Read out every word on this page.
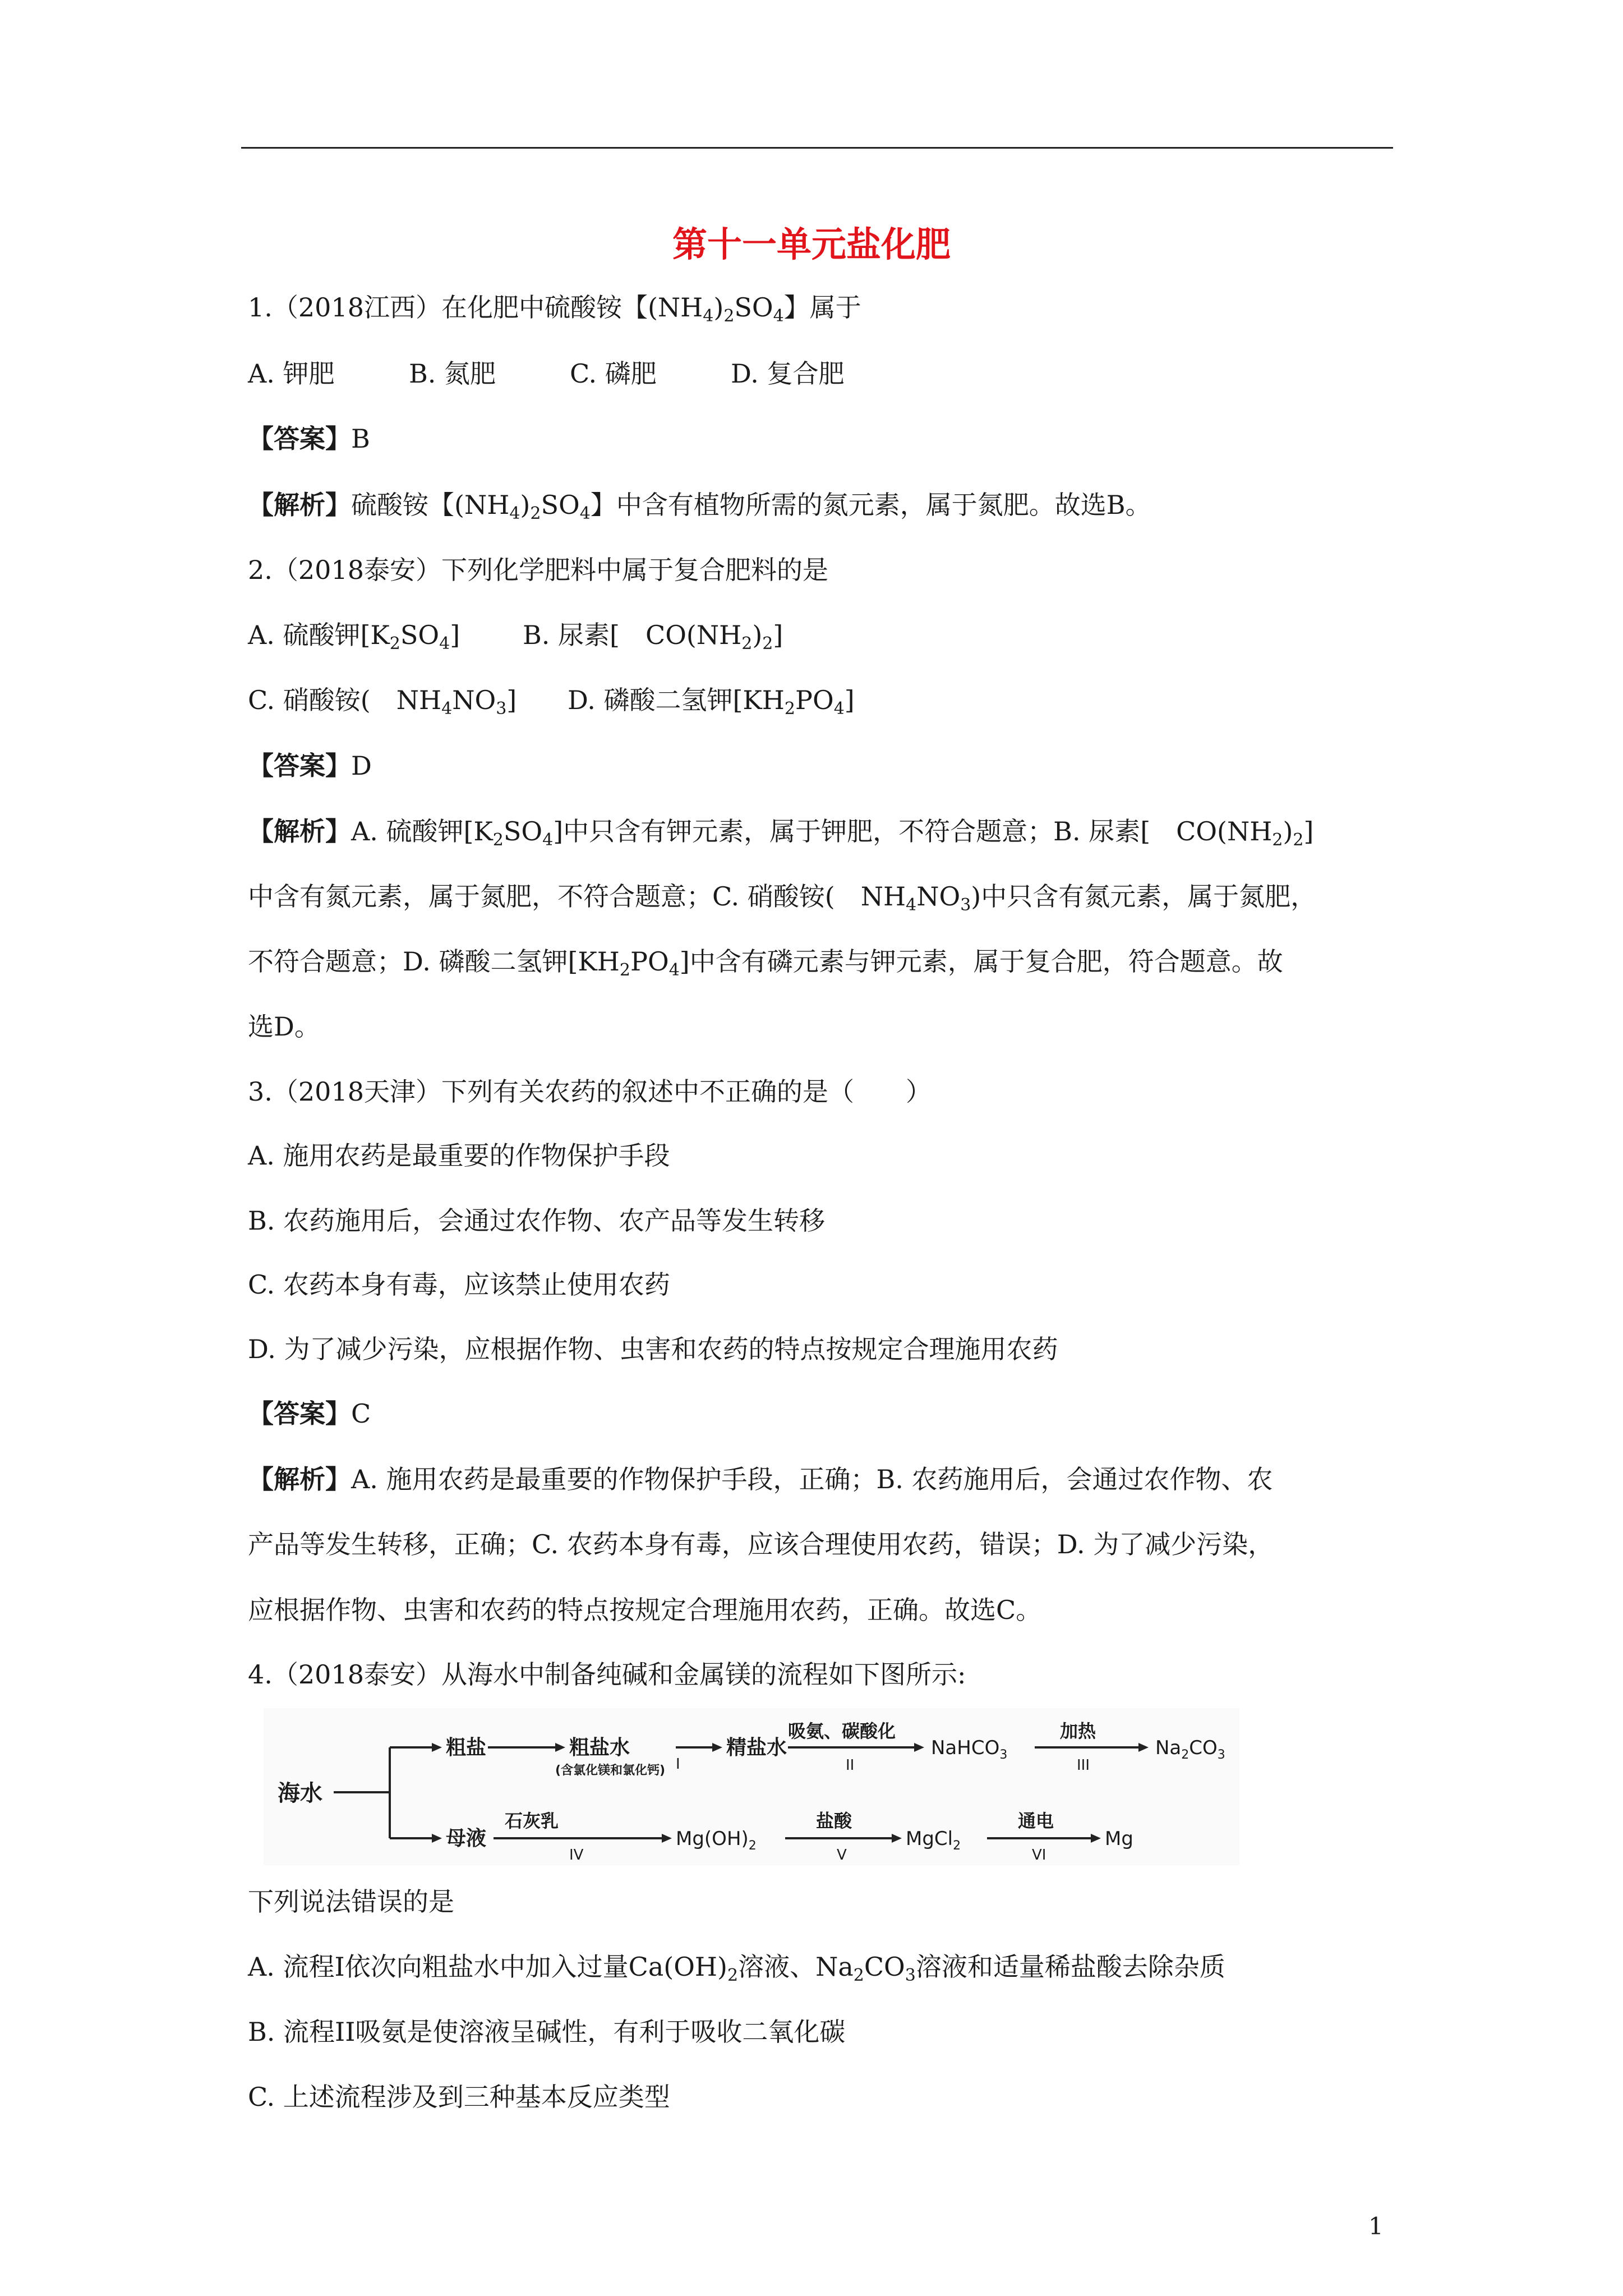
第十一单元盐化肥
1.（2018江西）在化肥中硫酸铵【$(NH_4)_2SO_4$】属于
A. 钾肥	B. 氮肥	C. 磷肥	D. 复合肥
【答案】B
【解析】硫酸铵【$(NH_4)_2SO_4$】中含有植物所需的氮元素，属于氮肥。故选B。
2.（2018泰安）下列化学肥料中属于复合肥料的是
A. 硫酸钾$[K_2SO_4]$ B. 尿素[　$CO(NH_2)_2$]
C. 硝酸铵(　$NH_4NO_3$] D. 磷酸二氢钾$[KH_2PO_4]$
【答案】D
【解析】A. 硫酸钾$[K_2SO_4]$中只含有钾元素，属于钾肥，不符合题意；B. 尿素[　$CO(NH_2)_2$]
中含有氮元素，属于氮肥，不符合题意；C. 硝酸铵(　$NH_4NO_3$)中只含有氮元素，属于氮肥，
不符合题意；D. 磷酸二氢钾$[KH_2PO_4]$中含有磷元素与钾元素，属于复合肥，符合题意。故
选D。
3.（2018天津）下列有关农药的叙述中不正确的是（　　）
A. 施用农药是最重要的作物保护手段
B. 农药施用后，会通过农作物、农产品等发生转移
C. 农药本身有毒，应该禁止使用农药
D. 为了减少污染，应根据作物、虫害和农药的特点按规定合理施用农药
【答案】C
【解析】A. 施用农药是最重要的作物保护手段，正确；B. 农药施用后，会通过农作物、农
产品等发生转移，正确；C. 农药本身有毒，应该合理使用农药，错误；D. 为了减少污染，
应根据作物、虫害和农药的特点按规定合理施用农药，正确。故选C。
4.（2018泰安）从海水中制备纯碱和金属镁的流程如下图所示:
海水
粗盐	粗盐水
(含氯化镁和氯化钙) I
精盐水
吸氨、碳酸化
II
NaHCO$_3$
加热
III
$Na_2CO_3$
母液
石灰乳
IV
$Mg(OH)_2$
盐酸
V
MgCl$_2$
通电
VI
Mg
下列说法错误的是
A. 流程I依次向粗盐水中加入过量$Ca(OH)_2$溶液、$Na_2CO_3$溶液和适量稀盐酸去除杂质
B. 流程II吸氨是使溶液呈碱性，有利于吸收二氧化碳
C. 上述流程涉及到三种基本反应类型
1
